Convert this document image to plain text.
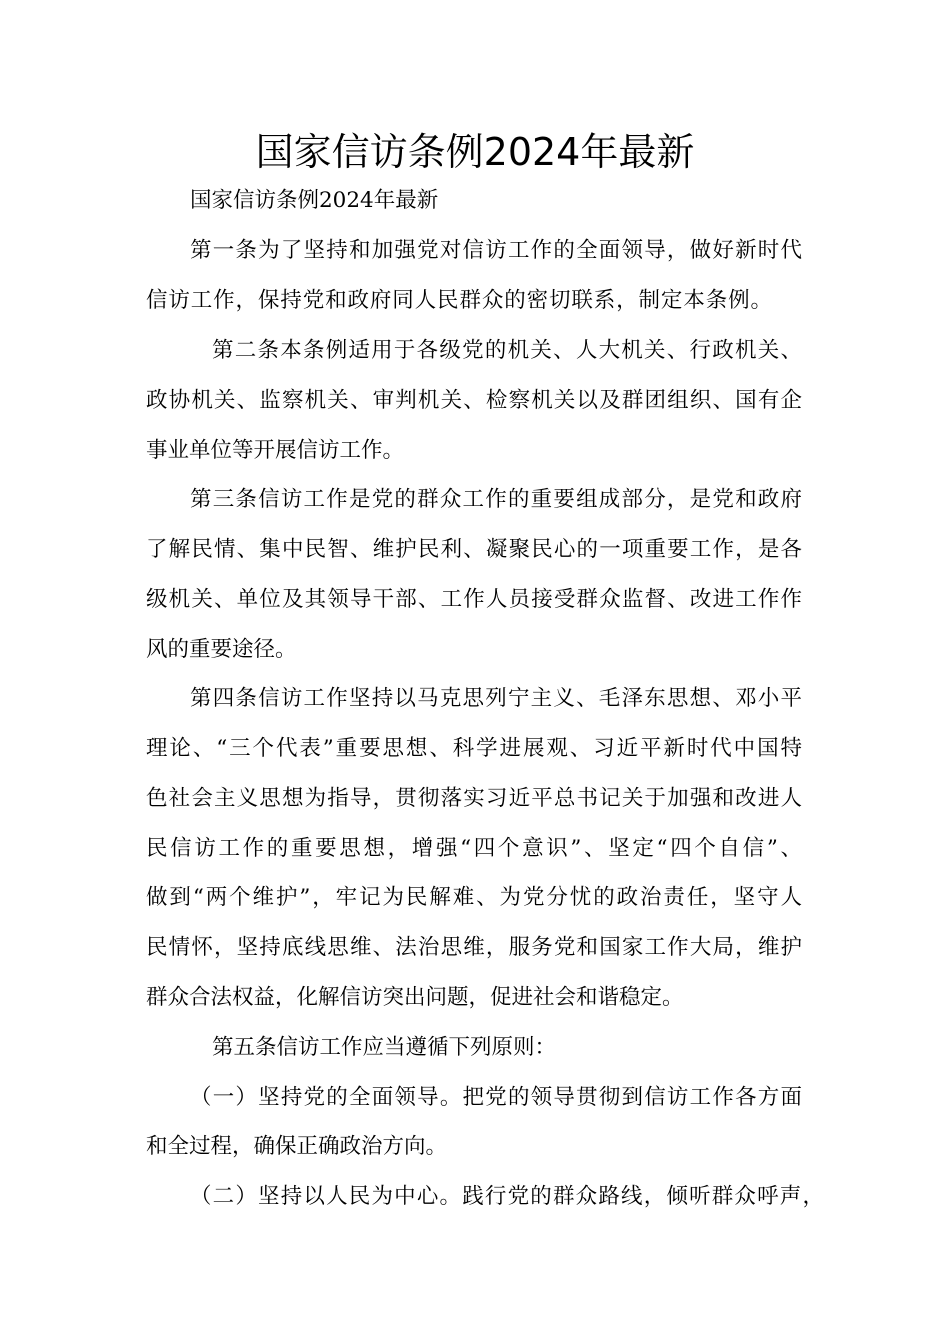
国家信访条例2024年最新

国家信访条例2024年最新

第一条为了坚持和加强党对信访工作的全面领导，做好新时代

信访工作，保持党和政府同人民群众的密切联系，制定本条例。

第二条本条例适用于各级党的机关、人大机关、行政机关、

政协机关、监察机关、审判机关、检察机关以及群团组织、国有企

事业单位等开展信访工作。

第三条信访工作是党的群众工作的重要组成部分，是党和政府

了解民情、集中民智、维护民利、凝聚民心的一项重要工作，是各

级机关、单位及其领导干部、工作人员接受群众监督、改进工作作

风的重要途径。

第四条信访工作坚持以马克思列宁主义、毛泽东思想、邓小平

理论、“三个代表”重要思想、科学进展观、习近平新时代中国特

色社会主义思想为指导，贯彻落实习近平总书记关于加强和改进人

民信访工作的重要思想，增强“四个意识”、坚定“四个自信”、

做到“两个维护”，牢记为民解难、为党分忧的政治责任，坚守人

民情怀，坚持底线思维、法治思维，服务党和国家工作大局，维护

群众合法权益，化解信访突出问题，促进社会和谐稳定。

第五条信访工作应当遵循下列原则：

（一）坚持党的全面领导。把党的领导贯彻到信访工作各方面

和全过程，确保正确政治方向。

（二）坚持以人民为中心。践行党的群众路线，倾听群众呼声，
